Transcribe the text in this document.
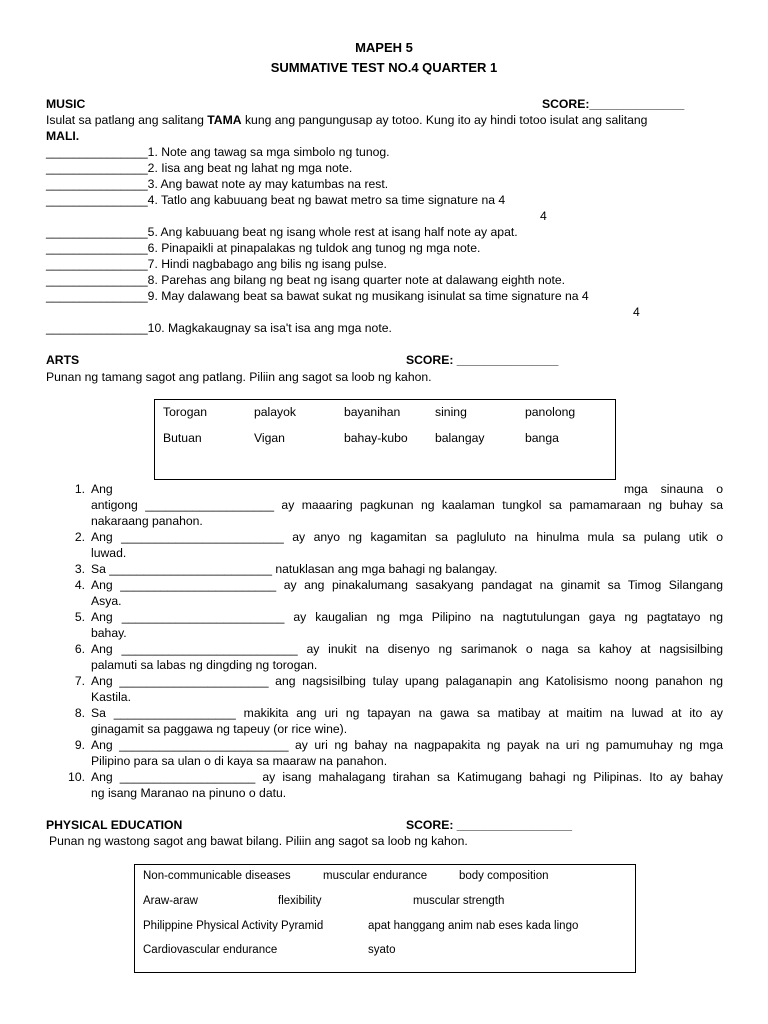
MAPEH 5
SUMMATIVE TEST NO.4 QUARTER 1
MUSIC	SCORE:______________
Isulat sa patlang ang salitang TAMA kung ang pangungusap ay totoo. Kung ito ay hindi totoo isulat ang salitang
MALI.
_______________1. Note ang tawag sa mga simbolo ng tunog.
_______________2. Iisa ang beat ng lahat ng mga note.
_______________3. Ang bawat note ay may katumbas na rest.
_______________4. Tatlo ang kabuuang beat ng bawat metro sa time signature na 4
4
_______________5. Ang kabuuang beat ng isang whole rest at isang half note ay apat.
_______________6. Pinapaikli at pinapalakas ng tuldok ang tunog ng mga note.
_______________7. Hindi nagbabago ang bilis ng isang pulse.
_______________8. Parehas ang bilang ng beat ng isang quarter note at dalawang eighth note.
_______________9. May dalawang beat sa bawat sukat ng musikang isinulat sa time signature na 4
4
_______________10. Magkakaugnay sa isa't isa ang mga note.
ARTS	SCORE: _______________
Punan ng tamang sagot ang patlang. Piliin ang sagot sa loob ng kahon.
Torogan	palayok	bayanihan	sining	panolong
Butuan	Vigan	bahay-kubo balangay	banga
1. Ang	mga sinauna o
antigong ___________________ ay maaaring pagkunan ng kaalaman tungkol sa pamamaraan ng buhay sa
nakaraang panahon.
2. Ang ________________________ ay anyo ng kagamitan sa pagluluto na hinulma mula sa pulang utik o
luwad.
3. Sa ________________________ natuklasan ang mga bahagi ng balangay.
4. Ang _______________________ ay ang pinakalumang sasakyang pandagat na ginamit sa Timog Silangang
Asya.
5. Ang ________________________ ay kaugalian ng mga Pilipino na nagtutulungan gaya ng pagtatayo ng
bahay.
6. Ang __________________________ ay inukit na disenyo ng sarimanok o naga sa kahoy at nagsisilbing
palamuti sa labas ng dingding ng torogan.
7. Ang ______________________ ang nagsisilbing tulay upang palaganapin ang Katolisismo noong panahon ng
Kastila.
8. Sa __________________ makikita ang uri ng tapayan na gawa sa matibay at maitim na luwad at ito ay
ginagamit sa paggawa ng tapeuy (or rice wine).
9. Ang _________________________ ay uri ng bahay na nagpapakita ng payak na uri ng pamumuhay ng mga
Pilipino para sa ulan o di kaya sa maaraw na panahon.
10. Ang ____________________ ay isang mahalagang tirahan sa Katimugang bahagi ng Pilipinas. Ito ay bahay
ng isang Maranao na pinuno o datu.
PHYSICAL EDUCATION	SCORE: _________________
Punan ng wastong sagot ang bawat bilang. Piliin ang sagot sa loob ng kahon.
Non-communicable diseases	muscular endurance	body composition
Araw-araw	flexibility	muscular strength
Philippine Physical Activity Pyramid	apat hanggang anim nab eses kada lingo
Cardiovascular endurance	syato
